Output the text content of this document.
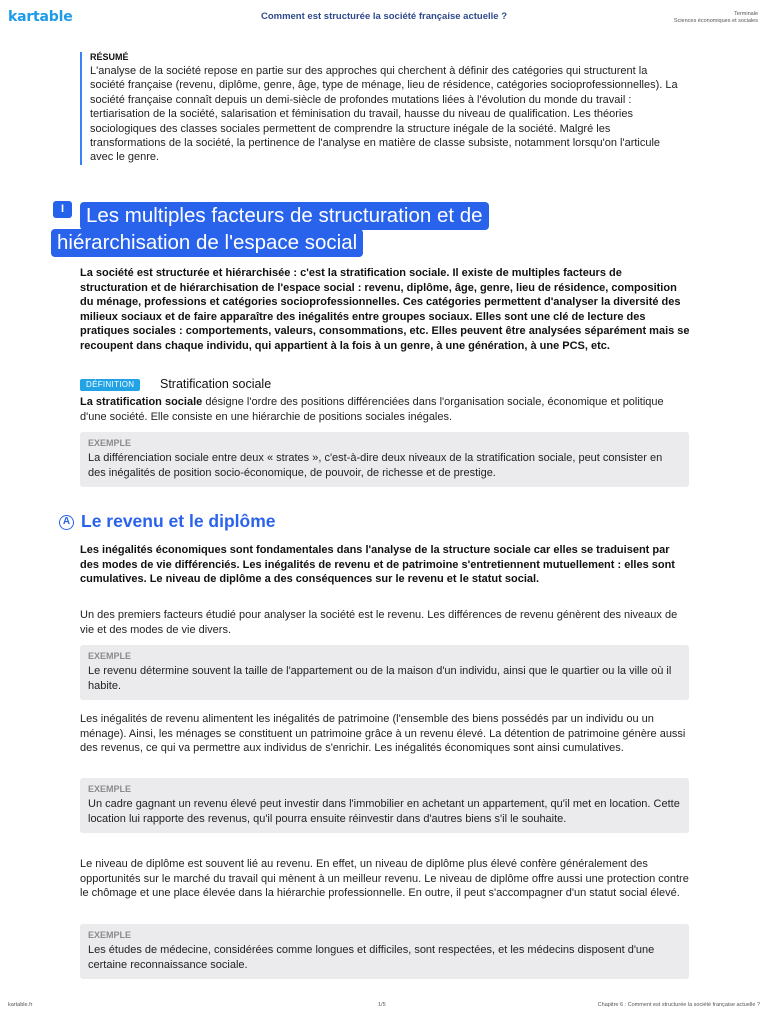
kartable	Comment est structurée la société française actuelle ?	Terminale
Sciences économiques et sociales
RÉSUMÉ
L'analyse de la société repose en partie sur des approches qui cherchent à définir des catégories qui structurent la société française (revenu, diplôme, genre, âge, type de ménage, lieu de résidence, catégories socioprofessionnelles). La société française connaît depuis un demi-siècle de profondes mutations liées à l'évolution du monde du travail : tertiarisation de la société, salarisation et féminisation du travail, hausse du niveau de qualification. Les théories sociologiques des classes sociales permettent de comprendre la structure inégale de la société. Malgré les transformations de la société, la pertinence de l'analyse en matière de classe subsiste, notamment lorsqu'on l'articule avec le genre.
I	Les multiples facteurs de structuration et de
hiérarchisation de l'espace social
La société est structurée et hiérarchisée : c'est la stratification sociale. Il existe de multiples facteurs de structuration et de hiérarchisation de l'espace social : revenu, diplôme, âge, genre, lieu de résidence, composition du ménage, professions et catégories socioprofessionnelles. Ces catégories permettent d'analyser la diversité des milieux sociaux et de faire apparaître des inégalités entre groupes sociaux. Elles sont une clé de lecture des pratiques sociales : comportements, valeurs, consommations, etc. Elles peuvent être analysées séparément mais se recoupent dans chaque individu, qui appartient à la fois à un genre, à une génération, à une PCS, etc.
DÉFINITION	Stratification sociale
La stratification sociale désigne l'ordre des positions différenciées dans l'organisation sociale, économique et politique d'une société. Elle consiste en une hiérarchie de positions sociales inégales.
EXEMPLE
La différenciation sociale entre deux « strates », c'est-à-dire deux niveaux de la stratification sociale, peut consister en des inégalités de position socio-économique, de pouvoir, de richesse et de prestige.
A Le revenu et le diplôme
Les inégalités économiques sont fondamentales dans l'analyse de la structure sociale car elles se traduisent par des modes de vie différenciés. Les inégalités de revenu et de patrimoine s'entretiennent mutuellement : elles sont cumulatives. Le niveau de diplôme a des conséquences sur le revenu et le statut social.
Un des premiers facteurs étudié pour analyser la société est le revenu. Les différences de revenu génèrent des niveaux de vie et des modes de vie divers.
EXEMPLE
Le revenu détermine souvent la taille de l'appartement ou de la maison d'un individu, ainsi que le quartier ou la ville où il habite.
Les inégalités de revenu alimentent les inégalités de patrimoine (l'ensemble des biens possédés par un individu ou un ménage). Ainsi, les ménages se constituent un patrimoine grâce à un revenu élevé. La détention de patrimoine génère aussi des revenus, ce qui va permettre aux individus de s'enrichir. Les inégalités économiques sont ainsi cumulatives.
EXEMPLE
Un cadre gagnant un revenu élevé peut investir dans l'immobilier en achetant un appartement, qu'il met en location. Cette location lui rapporte des revenus, qu'il pourra ensuite réinvestir dans d'autres biens s'il le souhaite.
Le niveau de diplôme est souvent lié au revenu. En effet, un niveau de diplôme plus élevé confère généralement des opportunités sur le marché du travail qui mènent à un meilleur revenu. Le niveau de diplôme offre aussi une protection contre le chômage et une place élevée dans la hiérarchie professionnelle. En outre, il peut s'accompagner d'un statut social élevé.
EXEMPLE
Les études de médecine, considérées comme longues et difficiles, sont respectées, et les médecins disposent d'une certaine reconnaissance sociale.
kartable.fr	1/5	Chapitre 6 : Comment est structurée la société française actuelle ?
